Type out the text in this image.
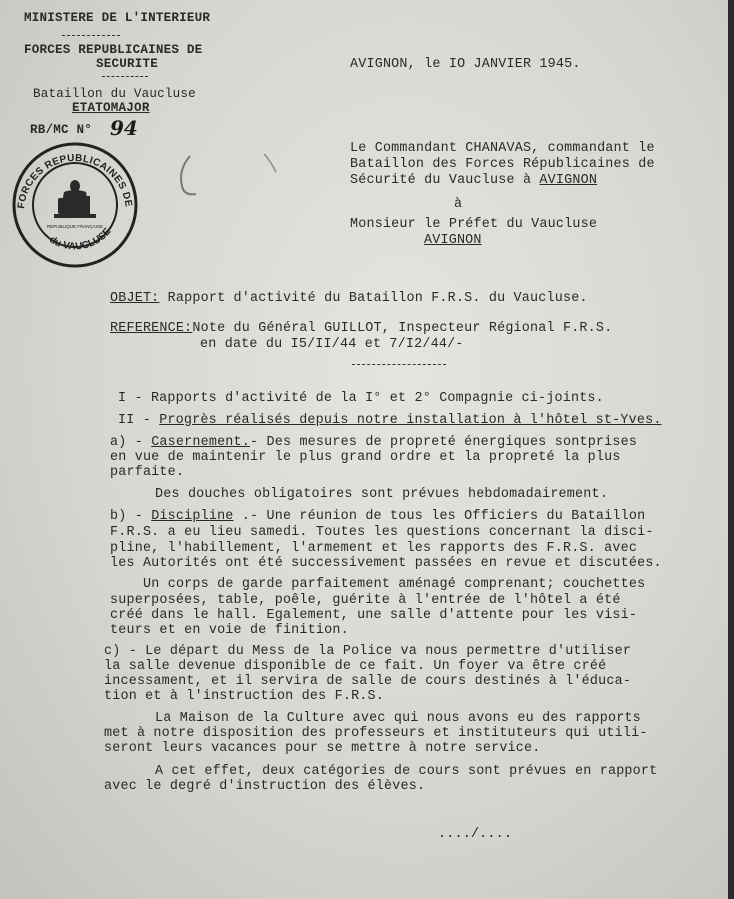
MINISTERE DE L'INTERIEUR
FORCES REPUBLICAINES DE
SECURITE
Bataillon du Vaucluse
ETATOMAJOR
RB/MC N° 94
FORCES REPUBLICAINES DE
du VAUCLUSE
REPUBLIQUE FRANÇAISE
AVIGNON, le IO JANVIER 1945.
Le Commandant CHANAVAS, commandant le
Bataillon des Forces Républicaines de
Sécurité du Vaucluse à AVIGNON
à
Monsieur le Préfet du Vaucluse
AVIGNON
OBJET: Rapport d'activité du Bataillon F.R.S. du Vaucluse.
REFERENCE:Note du Général GUILLOT, Inspecteur Régional F.R.S.
en date du I5/II/44 et 7/I2/44/-
I - Rapports d'activité de la I° et 2° Compagnie ci-joints.
II - Progrès réalisés depuis notre installation à l'hôtel st-Yves.
a) - Casernement.- Des mesures de propreté énergiques sontprises
en vue de maintenir le plus grand ordre et la propreté la plus
parfaite.
Des douches obligatoires sont prévues hebdomadairement.
b) - Discipline .- Une réunion de tous les Officiers du Bataillon
F.R.S. a eu lieu samedi. Toutes les questions concernant la disci-
pline, l'habillement, l'armement et les rapports des F.R.S. avec
les Autorités ont été successivement passées en revue et discutées.
Un corps de garde parfaitement aménagé comprenant; couchettes
superposées, table, poêle, guérite à l'entrée de l'hôtel a été
créé dans le hall. Egalement, une salle d'attente pour les visi-
teurs et en voie de finition.
c) - Le départ du Mess de la Police va nous permettre d'utiliser
la salle devenue disponible de ce fait. Un foyer va être créé
incessament, et il servira de salle de cours destinés à l'éduca-
tion et à l'instruction des F.R.S.
La Maison de la Culture avec qui nous avons eu des rapports
met à notre disposition des professeurs et instituteurs qui utili-
seront leurs vacances pour se mettre à notre service.
A cet effet, deux catégories de cours sont prévues en rapport
avec le degré d'instruction des élèves.
..../....
